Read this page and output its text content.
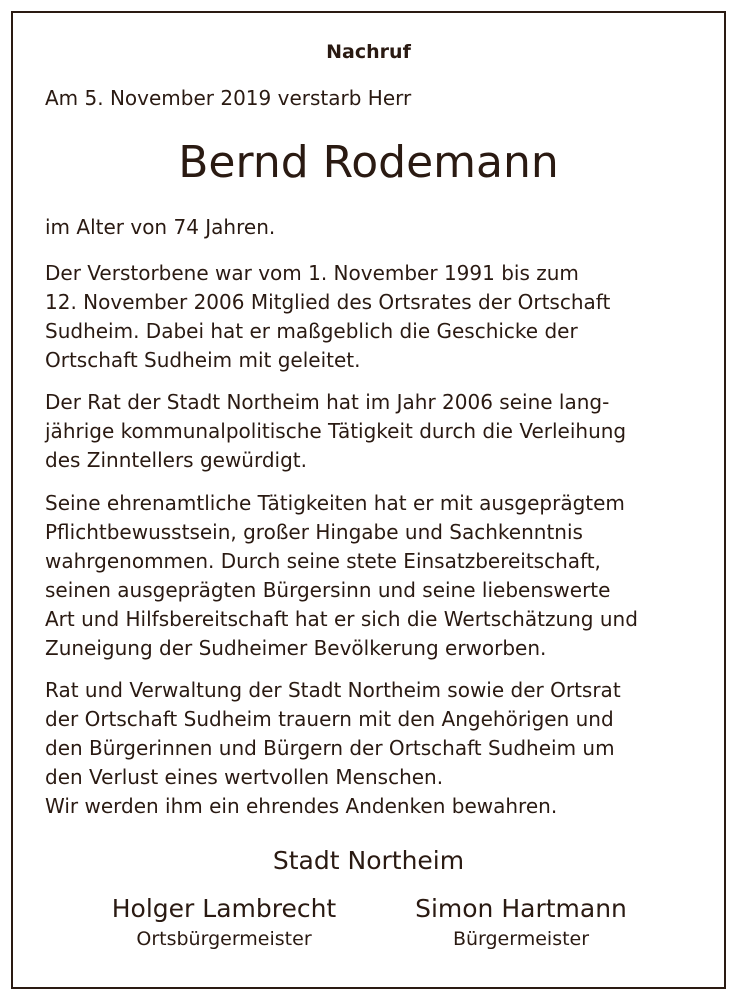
Nachruf
Am 5. November 2019 verstarb Herr
Bernd Rodemann

im Alter von 74 Jahren.

Der Verstorbene war vom 1. November 1991 bis zum
12. November 2006 Mitglied des Ortsrates der Ortschaft
Sudheim. Dabei hat er maßgeblich die Geschicke der
Ortschaft Sudheim mit geleitet.

Der Rat der Stadt Northeim hat im Jahr 2006 seine lang-
jährige kommunalpolitische Tätigkeit durch die Verleihung
des Zinntellers gewürdigt.

Seine ehrenamtliche Tätigkeiten hat er mit ausgeprägtem
Pflichtbewusstsein, großer Hingabe und Sachkenntnis
wahrgenommen. Durch seine stete Einsatzbereitschaft,
seinen ausgeprägten Bürgersinn und seine liebenswerte
Art und Hilfsbereitschaft hat er sich die Wertschätzung und
Zuneigung der Sudheimer Bevölkerung erworben.

Rat und Verwaltung der Stadt Northeim sowie der Ortsrat
der Ortschaft Sudheim trauern mit den Angehörigen und
den Bürgerinnen und Bürgern der Ortschaft Sudheim um
den Verlust eines wertvollen Menschen.
Wir werden ihm ein ehrendes Andenken bewahren.

Stadt Northeim
Holger Lambrecht
Ortsbürgermeister
Simon Hartmann
Bürgermeister
